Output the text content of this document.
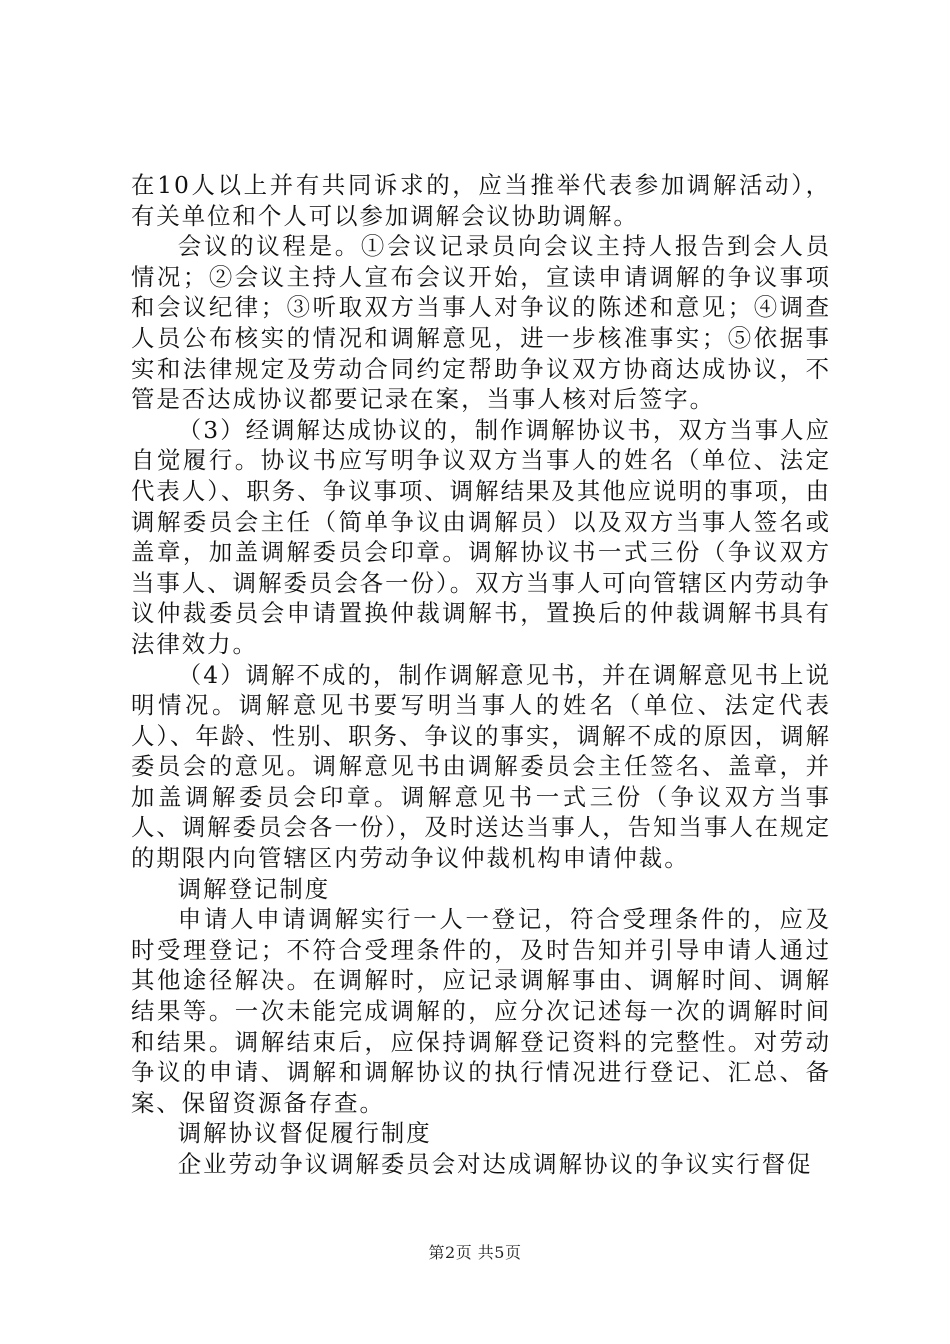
在10人以上并有共同诉求的，应当推举代表参加调解活动），有关单位和个人可以参加调解会议协助调解。

会议的议程是。①会议记录员向会议主持人报告到会人员情况；②会议主持人宣布会议开始，宣读申请调解的争议事项和会议纪律；③听取双方当事人对争议的陈述和意见；④调查人员公布核实的情况和调解意见，进一步核准事实；⑤依据事实和法律规定及劳动合同约定帮助争议双方协商达成协议，不管是否达成协议都要记录在案，当事人核对后签字。

（3）经调解达成协议的，制作调解协议书，双方当事人应自觉履行。协议书应写明争议双方当事人的姓名（单位、法定代表人）、职务、争议事项、调解结果及其他应说明的事项，由调解委员会主任（简单争议由调解员）以及双方当事人签名或盖章，加盖调解委员会印章。调解协议书一式三份（争议双方当事人、调解委员会各一份）。双方当事人可向管辖区内劳动争议仲裁委员会申请置换仲裁调解书，置换后的仲裁调解书具有法律效力。

（4）调解不成的，制作调解意见书，并在调解意见书上说明情况。调解意见书要写明当事人的姓名（单位、法定代表人）、年龄、性别、职务、争议的事实，调解不成的原因，调解委员会的意见。调解意见书由调解委员会主任签名、盖章，并加盖调解委员会印章。调解意见书一式三份（争议双方当事人、调解委员会各一份），及时送达当事人，告知当事人在规定的期限内向管辖区内劳动争议仲裁机构申请仲裁。

调解登记制度

申请人申请调解实行一人一登记，符合受理条件的，应及时受理登记；不符合受理条件的，及时告知并引导申请人通过其他途径解决。在调解时，应记录调解事由、调解时间、调解结果等。一次未能完成调解的，应分次记述每一次的调解时间和结果。调解结束后，应保持调解登记资料的完整性。对劳动争议的申请、调解和调解协议的执行情况进行登记、汇总、备案、保留资源备存查。

调解协议督促履行制度

企业劳动争议调解委员会对达成调解协议的争议实行督促

第2页 共5页
